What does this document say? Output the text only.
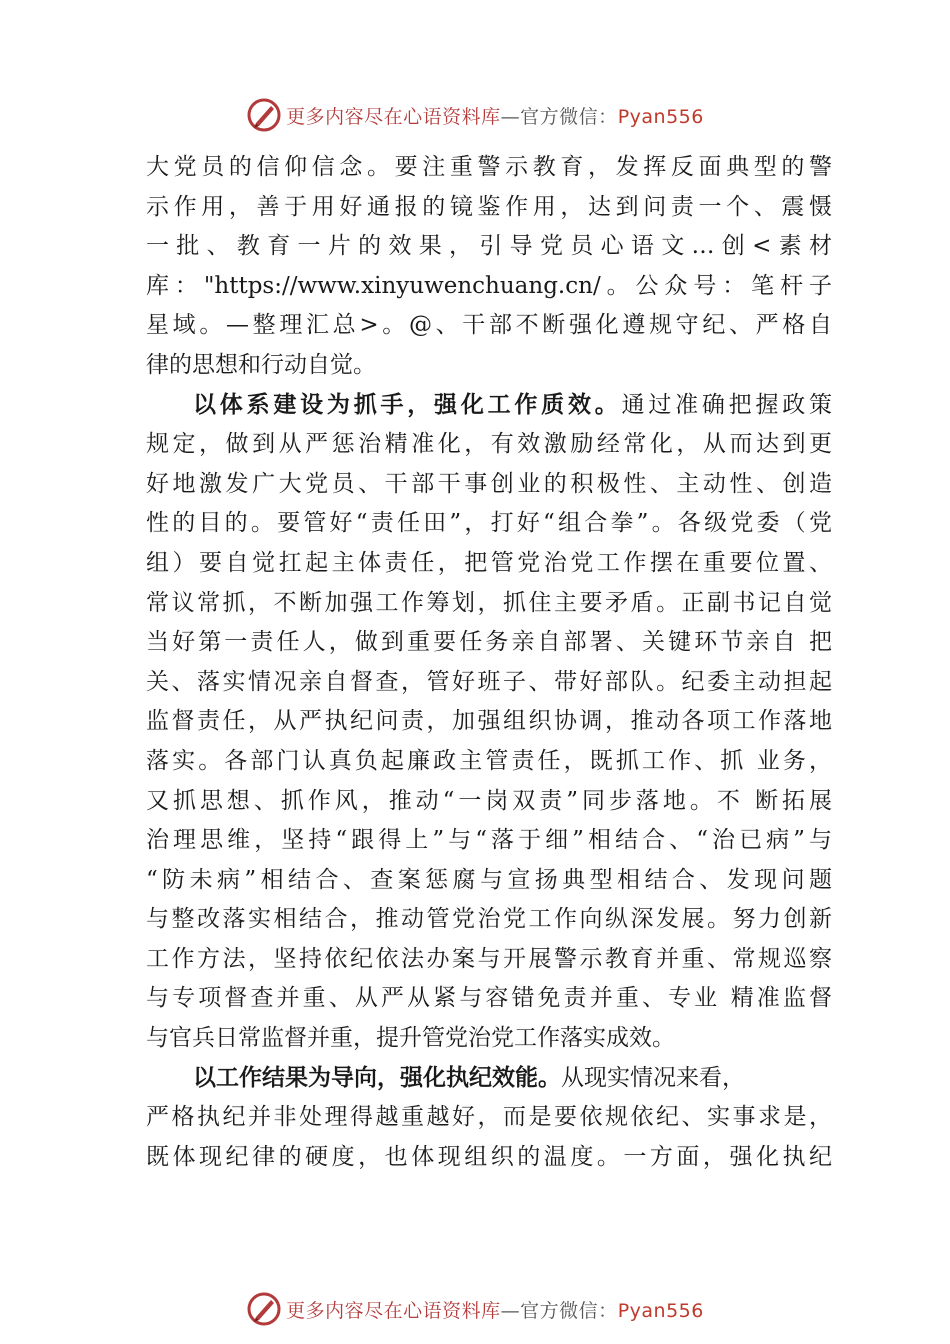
更多内容尽在心语资料库—官方微信：Pyan556
大党员的信仰信念。要注重警示教育，发挥反面典型的警
示作用，善于用好通报的镜鉴作用，达到问责一个、震慑
一批、教育一片的效果，引导党员心语文…创<素材
库："https://www.xinyuwenchuang.cn/。公众号：笔杆子
星域。—整理汇总>。@、干部不断强化遵规守纪、严格自
律的思想和行动自觉。
以体系建设为抓手，强化工作质效。通过准确把握政策
规定，做到从严惩治精准化，有效激励经常化，从而达到更
好地激发广大党员、干部干事创业的积极性、主动性、创造
性的目的。要管好“责任田”，打好“组合拳”。各级党委（党
组）要自觉扛起主体责任，把管党治党工作摆在重要位置、
常议常抓，不断加强工作筹划，抓住主要矛盾。正副书记自觉
当好第一责任人，做到重要任务亲自部署、关键环节亲自 把
关、落实情况亲自督查，管好班子、带好部队。纪委主动担起
监督责任，从严执纪问责，加强组织协调，推动各项工作落地
落实。各部门认真负起廉政主管责任，既抓工作、抓 业务，
又抓思想、抓作风，推动“一岗双责”同步落地。不 断拓展
治理思维，坚持“跟得上”与“落于细”相结合、“治已病”与
“防未病”相结合、查案惩腐与宣扬典型相结合、发现问题
与整改落实相结合，推动管党治党工作向纵深发展。努力创新
工作方法，坚持依纪依法办案与开展警示教育并重、常规巡察
与专项督查并重、从严从紧与容错免责并重、专业 精准监督
与官兵日常监督并重，提升管党治党工作落实成效。
以工作结果为导向，强化执纪效能。从现实情况来看，
严格执纪并非处理得越重越好，而是要依规依纪、实事求是，
既体现纪律的硬度，也体现组织的温度。一方面，强化执纪
更多内容尽在心语资料库—官方微信：Pyan556
